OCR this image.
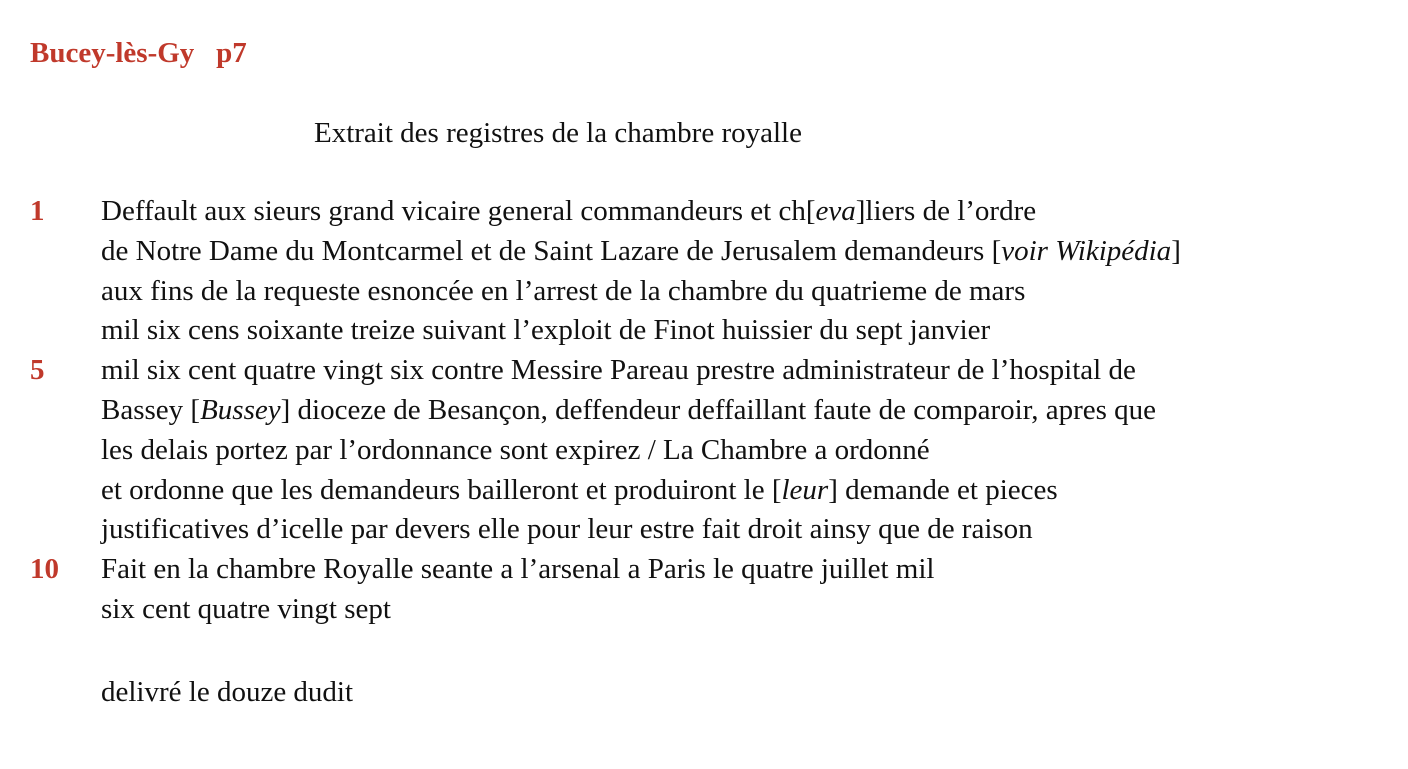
Bucey-lès-Gy p7
Extrait des registres de la chambre royalle
1	Deffault aux sieurs grand vicaire general commandeurs et ch[eva]liers de l’ordre
de Notre Dame du Montcarmel et de Saint Lazare de Jerusalem demandeurs [voir Wikipédia]
aux fins de la requeste esnoncée en l’arrest de la chambre du quatrieme de mars
mil six cens soixante treize suivant l’exploit de Finot huissier du sept janvier
5	mil six cent quatre vingt six contre Messire Pareau prestre administrateur de l’hospital de
Bassey [Bussey] dioceze de Besançon, deffendeur deffaillant faute de comparoir, apres que
les delais portez par l’ordonnance sont expirez / La Chambre a ordonné
et ordonne que les demandeurs bailleront et produiront le [leur] demande et pieces
justificatives d’icelle par devers elle pour leur estre fait droit ainsy que de raison
10	Fait en la chambre Royalle seante a l’arsenal a Paris le quatre juillet mil
six cent quatre vingt sept
delivré le douze dudit
